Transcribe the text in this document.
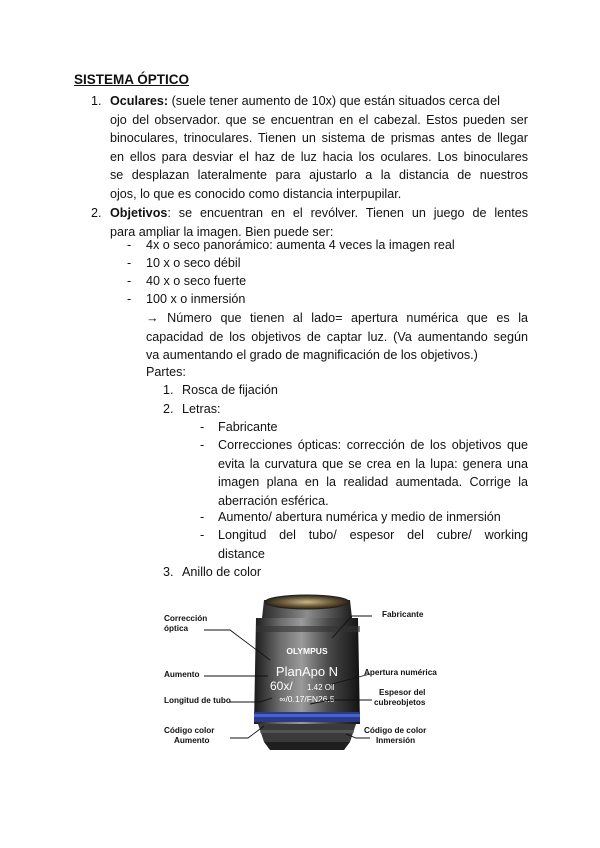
SISTEMA ÓPTICO
1. Oculares: (suele tener aumento de 10x) que están situados cerca del
ojo del observador. que se encuentran en el cabezal. Estos pueden ser
binoculares, trinoculares. Tienen un sistema de prismas antes de llegar
en ellos para desviar el haz de luz hacia los oculares. Los binoculares
se desplazan lateralmente para ajustarlo a la distancia de nuestros
ojos, lo que es conocido como distancia interpupilar.
2. Objetivos: se encuentran en el revólver. Tienen un juego de lentes
para ampliar la imagen. Bien puede ser:
- 4x o seco panorámico: aumenta 4 veces la imagen real
- 10 x o seco débil
- 40 x o seco fuerte
- 100 x o inmersión
→ Número que tienen al lado= apertura numérica que es la
capacidad de los objetivos de captar luz. (Va aumentando según
va aumentando el grado de magnificación de los objetivos.)
Partes:
1. Rosca de fijación
2. Letras:
- Fabricante
- Correcciones ópticas: corrección de los objetivos que
evita la curvatura que se crea en la lupa: genera una
imagen plana en la realidad aumentada. Corrige la
aberración esférica.
- Aumento/ abertura numérica y medio de inmersión
- Longitud del tubo/ espesor del cubre/ working
distance
3. Anillo de color
OLYMPUS
PlanApo N
60x/ 1.42 Oil
∞/0.17/FN26.5
Corrección
óptica
Aumento
Longitud de tubo
Código color
Aumento
Fabricante
Apertura numérica
Espesor del
cubreobjetos
Código de color
Inmersión
